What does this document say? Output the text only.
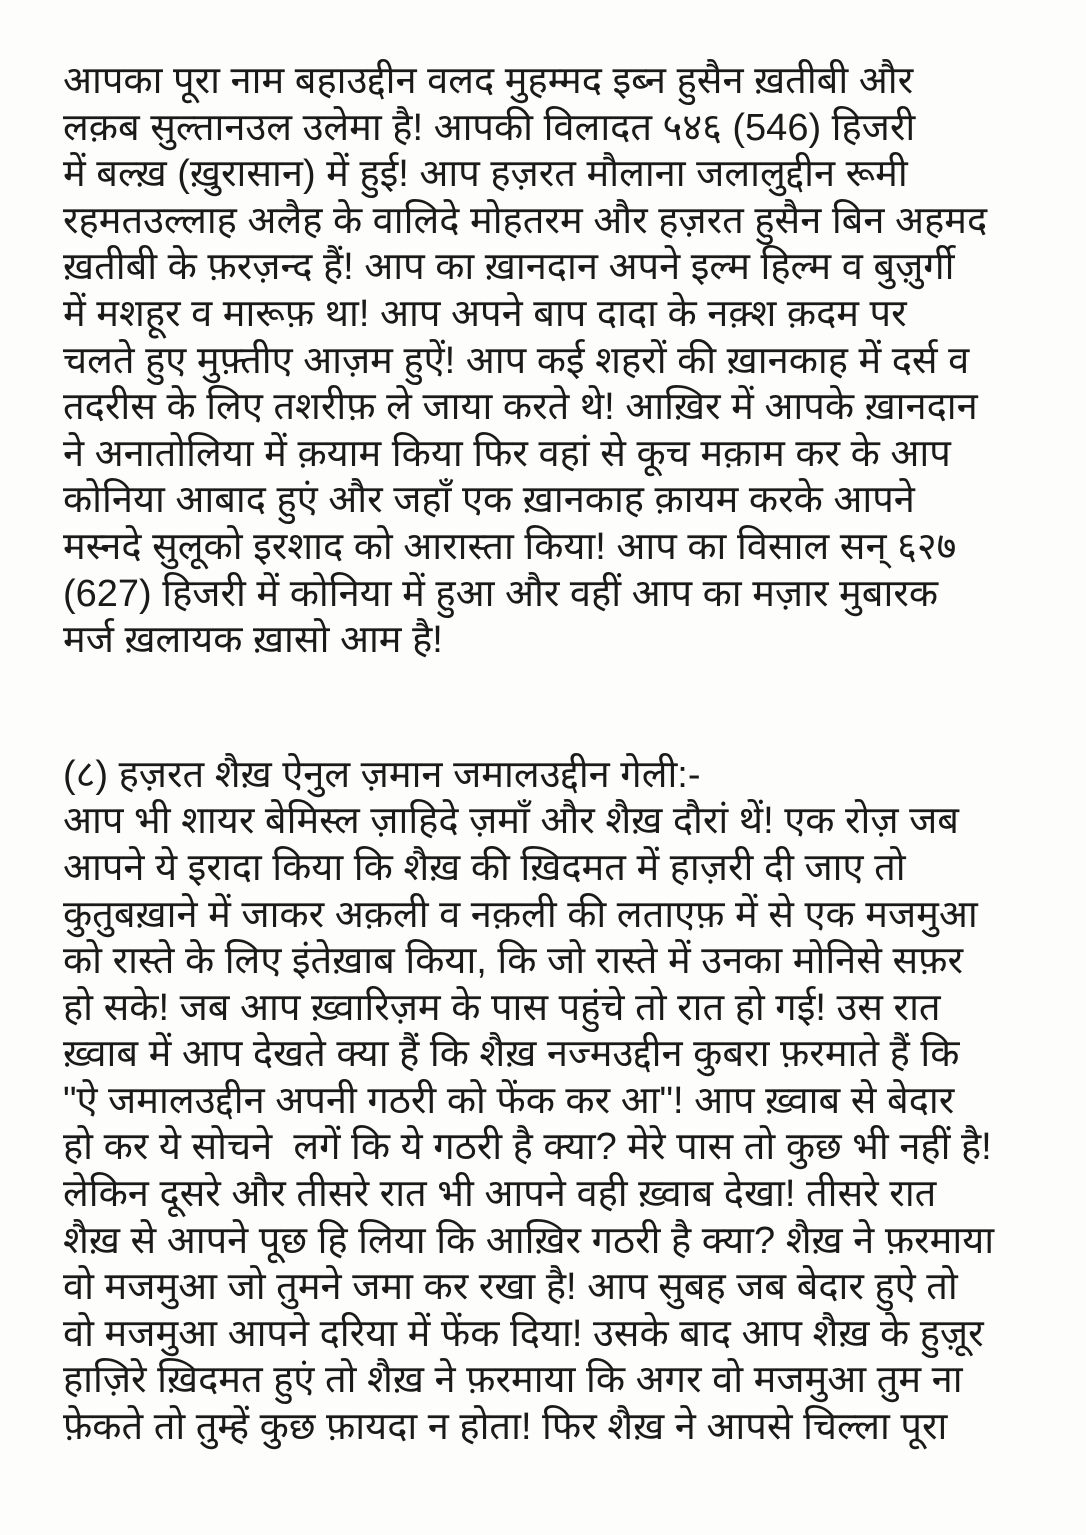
आपका पूरा नाम बहाउद्दीन वलद मुहम्मद इब्न हुसैन ख़तीबी और
लक़ब सुल्तानउल उलेमा है! आपकी विलादत ५४६ (546) हिजरी
में बल्ख़ (ख़ुरासान) में हुई! आप हज़रत मौलाना जलालुद्दीन रूमी
रहमतउल्लाह अलैह के वालिदे मोहतरम और हज़रत हुसैन बिन अहमद
ख़तीबी के फ़रज़न्द हैं! आप का ख़ानदान अपने इल्म हिल्म व बुज़ुर्गी
में मशहूर व मारूफ़ था! आप अपने बाप दादा के नक़्श क़दम पर
चलते हुए मुफ़्तीए आज़म हुऐं! आप कई शहरों की ख़ानकाह में दर्स व
तदरीस के लिए तशरीफ़ ले जाया करते थे! आख़िर में आपके ख़ानदान
ने अनातोलिया में क़याम किया फिर वहां से कूच मक़ाम कर के आप
कोनिया आबाद हुएं और जहाँ एक ख़ानकाह क़ायम करके आपने
मस्नदे सुलूको इरशाद को आरास्ता किया! आप का विसाल सन् ६२७
(627) हिजरी में कोनिया में हुआ और वहीं आप का मज़ार मुबारक
मर्ज ख़लायक ख़ासो आम है!
(८) हज़रत शैख़ ऐनुल ज़मान जमालउद्दीन गेली:-
आप भी शायर बेमिस्ल ज़ाहिदे ज़माँ और शैख़ दौरां थें! एक रोज़ जब
आपने ये इरादा किया कि शैख़ की ख़िदमत में हाज़री दी जाए तो
कुतुबख़ाने में जाकर अक़ली व नक़ली की लताएफ़ में से एक मजमुआ
को रास्ते के लिए इंतेख़ाब किया, कि जो रास्ते में उनका मोनिसे सफ़र
हो सके! जब आप ख़्वारिज़म के पास पहुंचे तो रात हो गई! उस रात
ख़्वाब में आप देखते क्या हैं कि शैख़ नज्मउद्दीन कुबरा फ़रमाते हैं कि
"ऐ जमालउद्दीन अपनी गठरी को फेंक कर आ"! आप ख़्वाब से बेदार
हो कर ये सोचने  लगें कि ये गठरी है क्या? मेरे पास तो कुछ भी नहीं है!
लेकिन दूसरे और तीसरे रात भी आपने वही ख़्वाब देखा! तीसरे रात
शैख़ से आपने पूछ हि लिया कि आख़िर गठरी है क्या? शैख़ ने फ़रमाया
वो मजमुआ जो तुमने जमा कर रखा है! आप सुबह जब बेदार हुऐ तो
वो मजमुआ आपने दरिया में फेंक दिया! उसके बाद आप शैख़ के हुज़ूर
हाज़िरे ख़िदमत हुएं तो शैख़ ने फ़रमाया कि अगर वो मजमुआ तुम ना
फ़ेकते तो तुम्हें कुछ फ़ायदा न होता! फिर शैख़ ने आपसे चिल्ला पूरा
